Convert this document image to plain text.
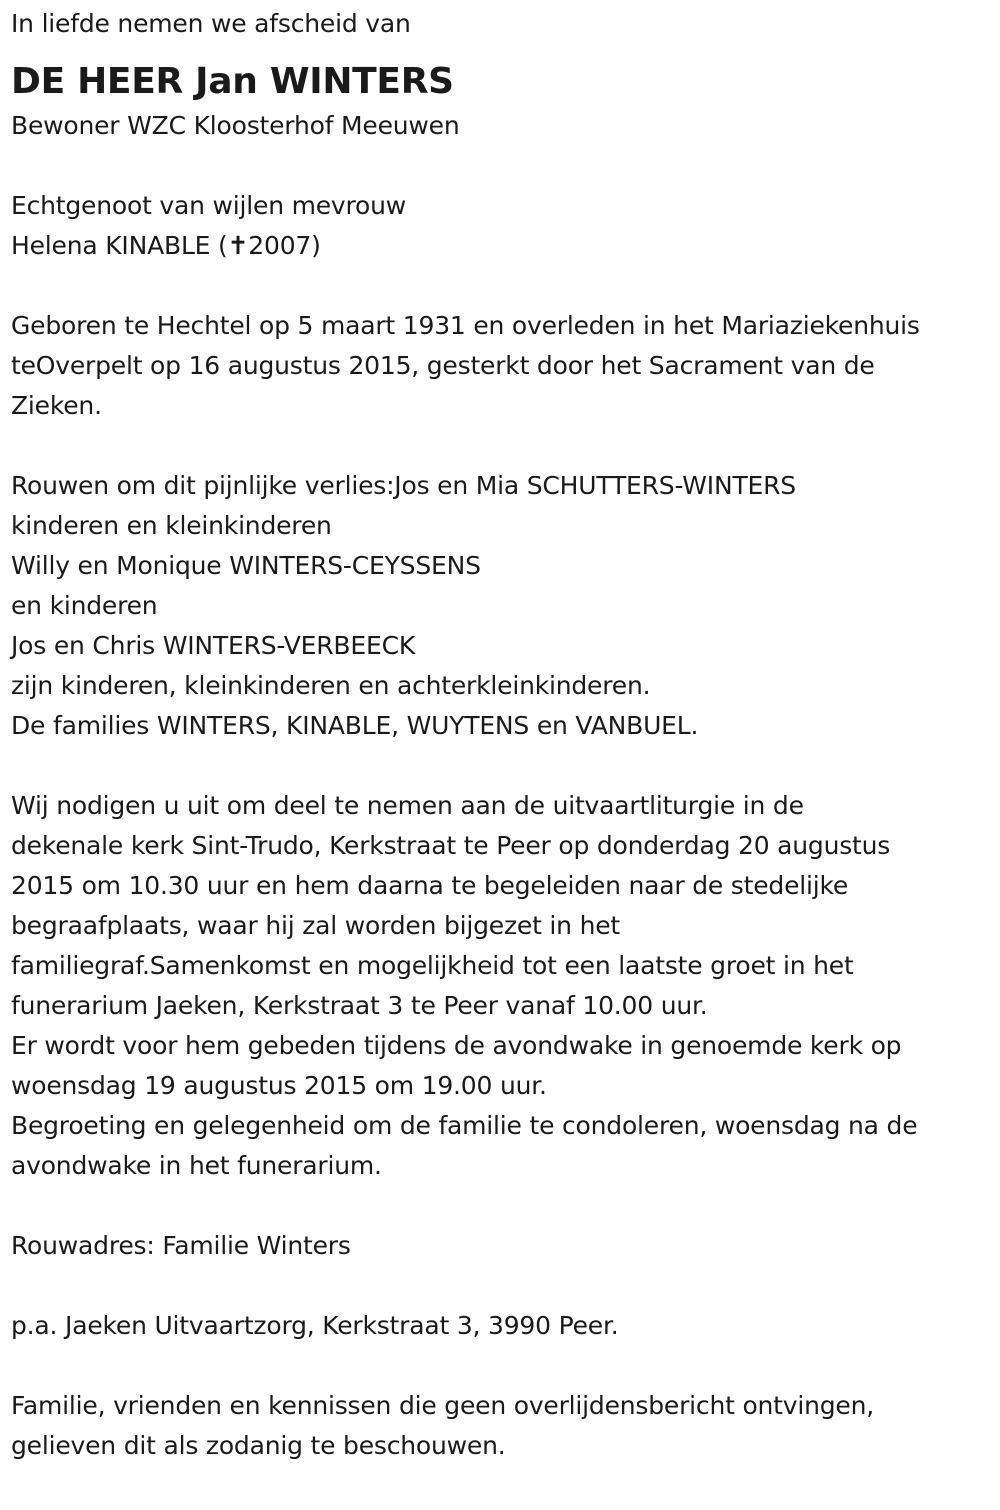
In liefde nemen we afscheid van
DE HEER Jan WINTERS
Bewoner WZC Kloosterhof Meeuwen
Echtgenoot van wijlen mevrouw
Helena KINABLE (✝2007)
Geboren te Hechtel op 5 maart 1931 en overleden in het Mariaziekenhuis
teOverpelt op 16 augustus 2015, gesterkt door het Sacrament van de
Zieken.
Rouwen om dit pijnlijke verlies:Jos en Mia SCHUTTERS-WINTERS
kinderen en kleinkinderen
Willy en Monique WINTERS-CEYSSENS
en kinderen
Jos en Chris WINTERS-VERBEECK
zijn kinderen, kleinkinderen en achterkleinkinderen.
De families WINTERS, KINABLE, WUYTENS en VANBUEL.
Wij nodigen u uit om deel te nemen aan de uitvaartliturgie in de
dekenale kerk Sint-Trudo, Kerkstraat te Peer op donderdag 20 augustus
2015 om 10.30 uur en hem daarna te begeleiden naar de stedelijke
begraafplaats, waar hij zal worden bijgezet in het
familiegraf.Samenkomst en mogelijkheid tot een laatste groet in het
funerarium Jaeken, Kerkstraat 3 te Peer vanaf 10.00 uur.
Er wordt voor hem gebeden tijdens de avondwake in genoemde kerk op
woensdag 19 augustus 2015 om 19.00 uur.
Begroeting en gelegenheid om de familie te condoleren, woensdag na de
avondwake in het funerarium.
Rouwadres: Familie Winters
p.a. Jaeken Uitvaartzorg, Kerkstraat 3, 3990 Peer.
Familie, vrienden en kennissen die geen overlijdensbericht ontvingen,
gelieven dit als zodanig te beschouwen.
